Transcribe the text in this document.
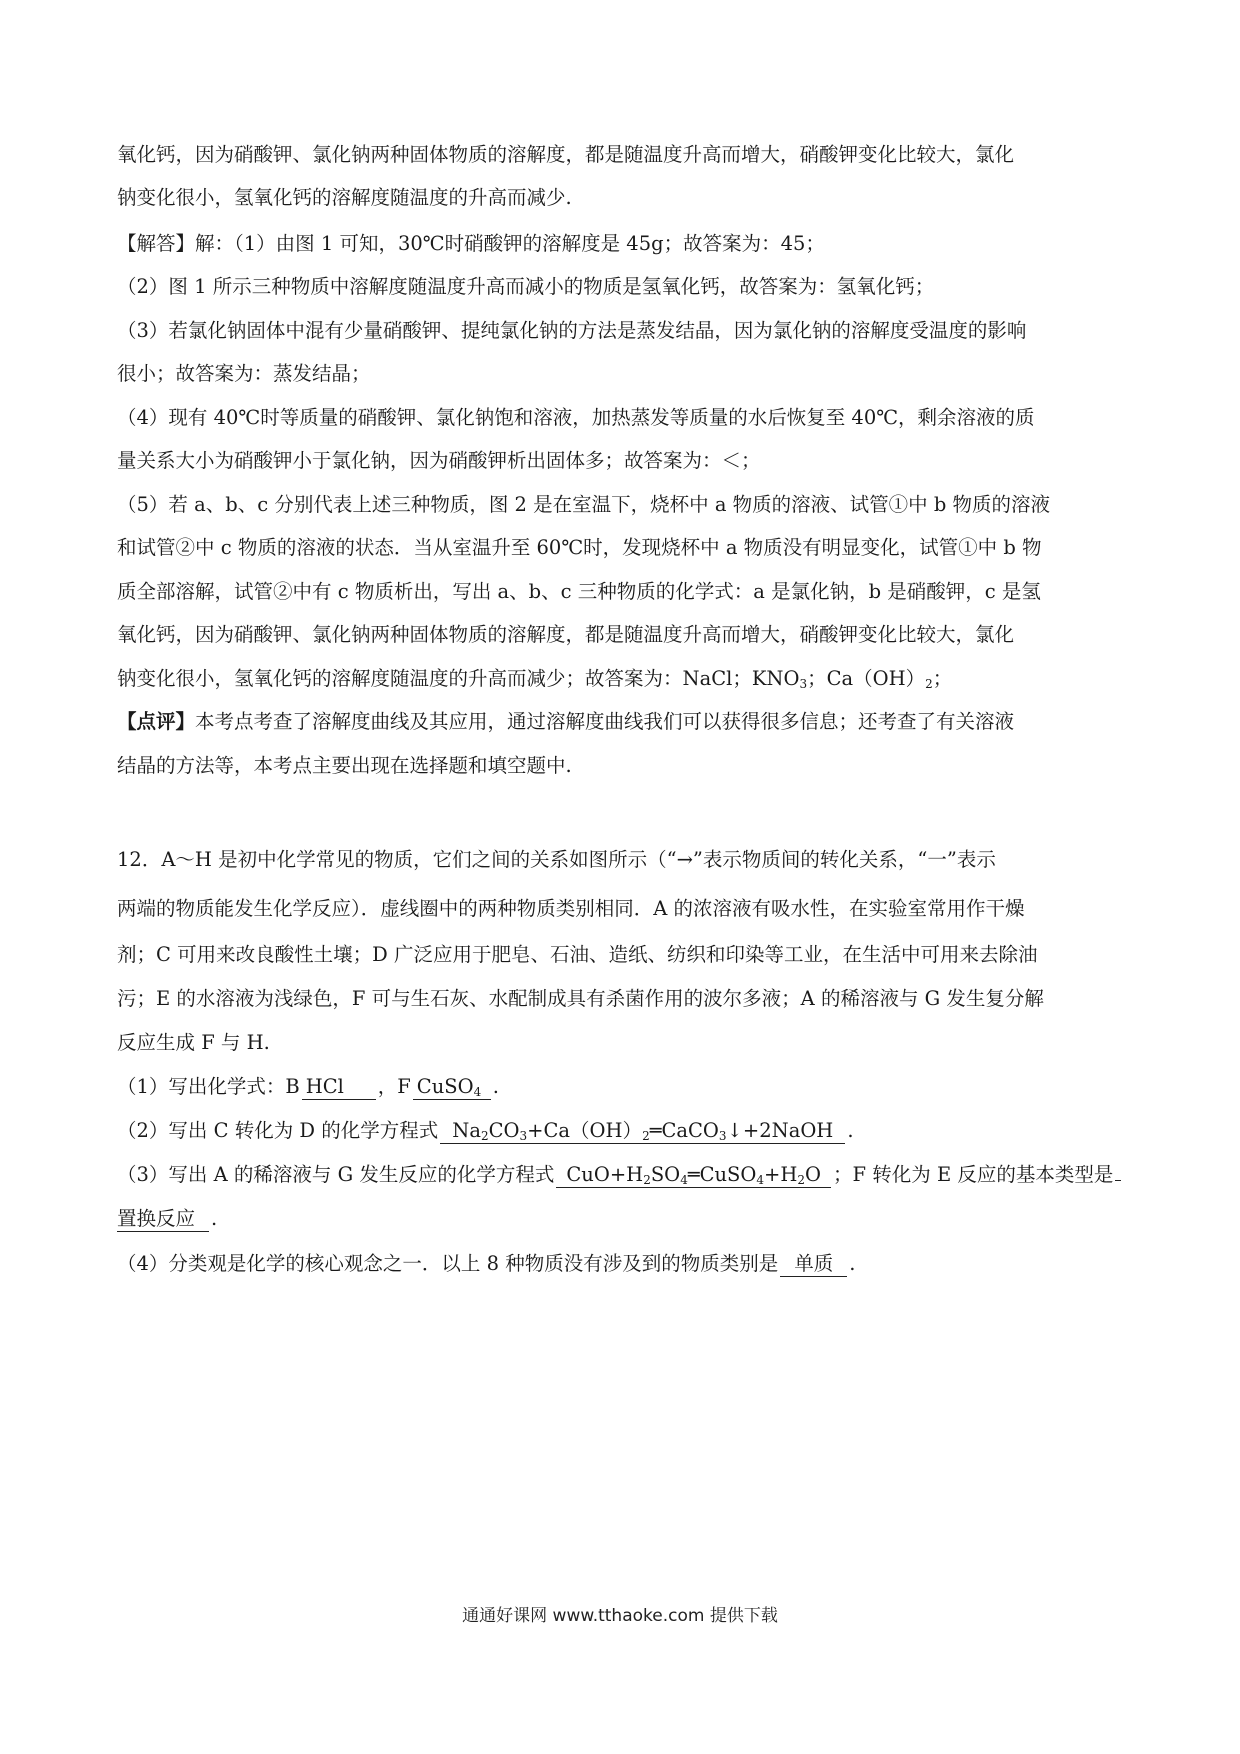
氧化钙，因为硝酸钾、氯化钠两种固体物质的溶解度，都是随温度升高而增大，硝酸钾变化比较大，氯化
钠变化很小，氢氧化钙的溶解度随温度的升高而减少.
【解答】解：（1）由图 1 可知，30℃时硝酸钾的溶解度是 45g；故答案为：45；
（2）图 1 所示三种物质中溶解度随温度升高而减小的物质是氢氧化钙，故答案为：氢氧化钙；
（3）若氯化钠固体中混有少量硝酸钾、提纯氯化钠的方法是蒸发结晶，因为氯化钠的溶解度受温度的影响
很小；故答案为：蒸发结晶；
（4）现有 40℃时等质量的硝酸钾、氯化钠饱和溶液，加热蒸发等质量的水后恢复至 40℃，剩余溶液的质
量关系大小为硝酸钾小于氯化钠，因为硝酸钾析出固体多；故答案为：＜；
（5）若 a、b、c 分别代表上述三种物质，图 2 是在室温下，烧杯中 a 物质的溶液、试管①中 b 物质的溶液
和试管②中 c 物质的溶液的状态．当从室温升至 60℃时，发现烧杯中 a 物质没有明显变化，试管①中 b 物
质全部溶解，试管②中有 c 物质析出，写出 a、b、c 三种物质的化学式：a 是氯化钠，b 是硝酸钾，c 是氢
氧化钙，因为硝酸钾、氯化钠两种固体物质的溶解度，都是随温度升高而增大，硝酸钾变化比较大，氯化
钠变化很小，氢氧化钙的溶解度随温度的升高而减少；故答案为：NaCl；$KNO_3$；$Ca(OH)_2$；
【点评】本考点考查了溶解度曲线及其应用，通过溶解度曲线我们可以获得很多信息；还考查了有关溶液
结晶的方法等，本考点主要出现在选择题和填空题中.
12．A～H 是初中化学常见的物质，它们之间的关系如图所示（“→”表示物质间的转化关系，“一”表示
两端的物质能发生化学反应）．虚线圈中的两种物质类别相同．A 的浓溶液有吸水性，在实验室常用作干燥
剂；C 可用来改良酸性土壤；D 广泛应用于肥皂、石油、造纸、纺织和印染等工业，在生活中可用来去除油
污；E 的水溶液为浅绿色，F 可与生石灰、水配制成具有杀菌作用的波尔多液；A 的稀溶液与 G 发生复分解
反应生成 F 与 H.
（1）写出化学式：B HCl ，F CuSO$_4$ .
（2）写出 C 转化为 D 的化学方程式 $Na_2CO_3+Ca(OH)_2═CaCO_3↓+2NaOH$ .
（3）写出 A 的稀溶液与 G 发生反应的化学方程式 $CuO+H_2SO_4═CuSO_4+H_2O$ ；F 转化为 E 反应的基本类型是
置换反应 .
（4）分类观是化学的核心观念之一．以上 8 种物质没有涉及到的物质类别是 单质 .
通通好课网 www.tthaoke.com 提供下载
